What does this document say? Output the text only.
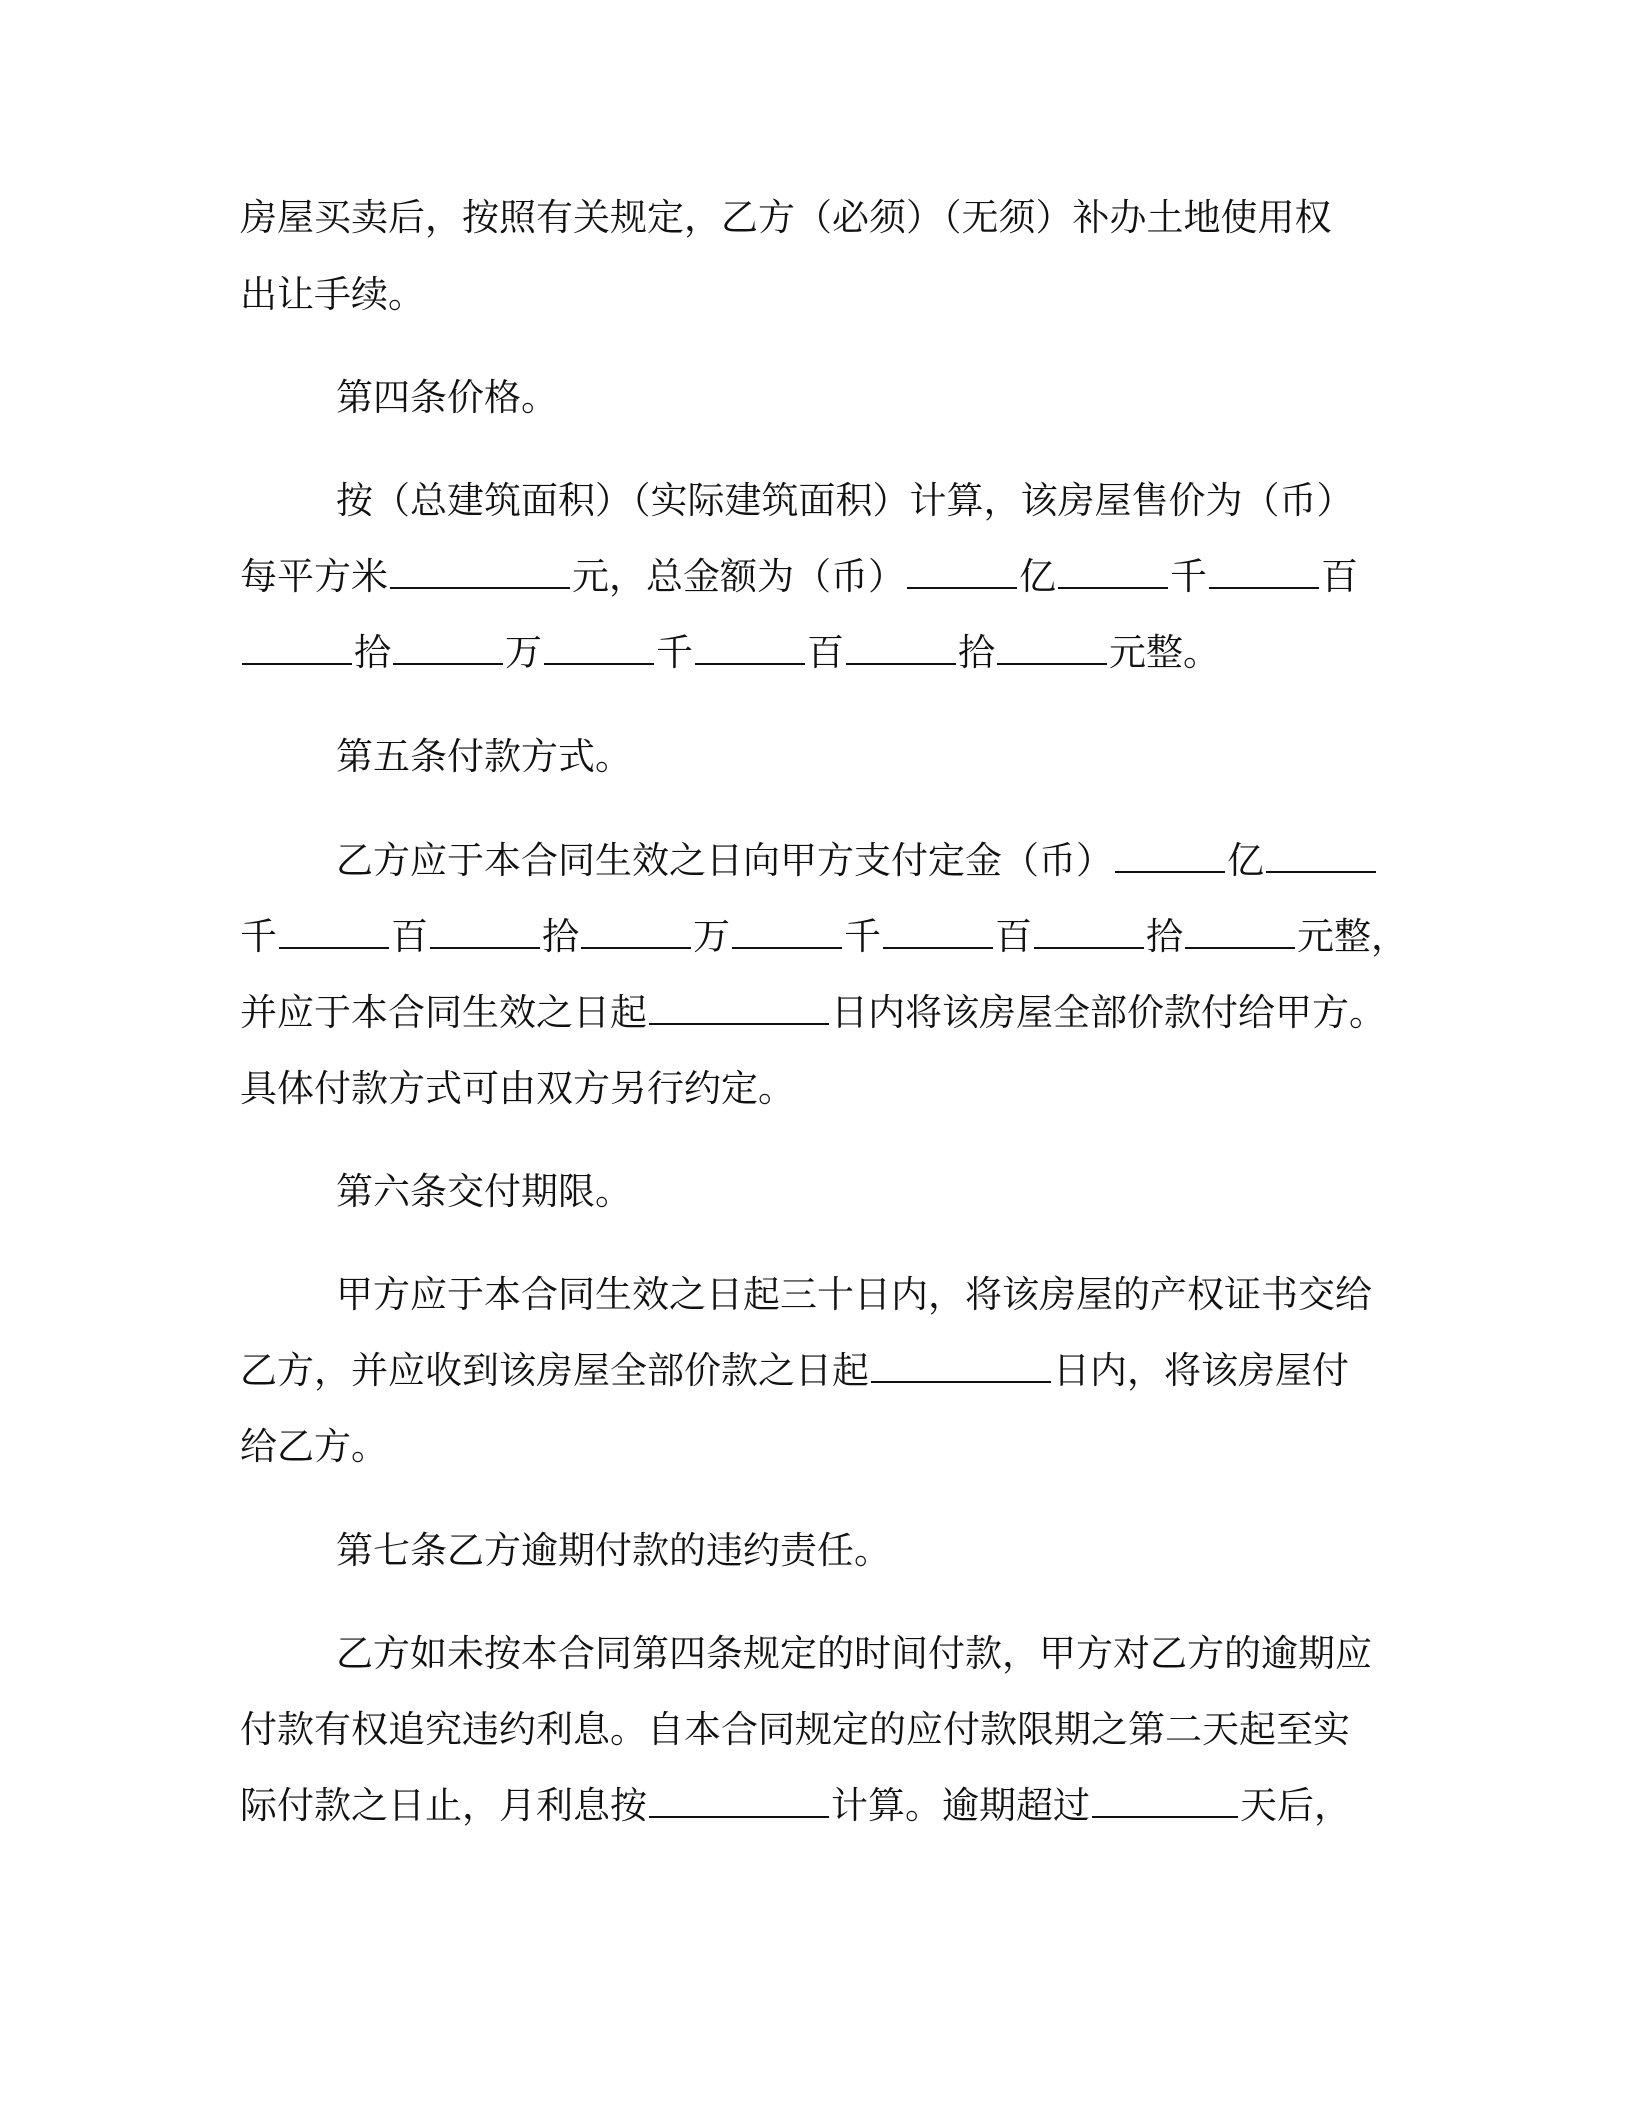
房屋买卖后，按照有关规定，乙方（必须）（无须）补办土地使用权
出让手续。
第四条价格。
按（总建筑面积）（实际建筑面积）计算，该房屋售价为（币）
每平方米	元，总金额为（币）	亿	千	百
拾	万	千	百	拾	元整。
第五条付款方式。
乙方应于本合同生效之日向甲方支付定金（币）	亿
千	百	拾	万	千	百	拾	元整，
并应于本合同生效之日起	日内将该房屋全部价款付给甲方。
具体付款方式可由双方另行约定。
第六条交付期限。
甲方应于本合同生效之日起三十日内，将该房屋的产权证书交给
乙方，并应收到该房屋全部价款之日起	日内，将该房屋付
给乙方。
第七条乙方逾期付款的违约责任。
乙方如未按本合同第四条规定的时间付款，甲方对乙方的逾期应
付款有权追究违约利息。自本合同规定的应付款限期之第二天起至实
际付款之日止，月利息按	计算。逾期超过	天后，
